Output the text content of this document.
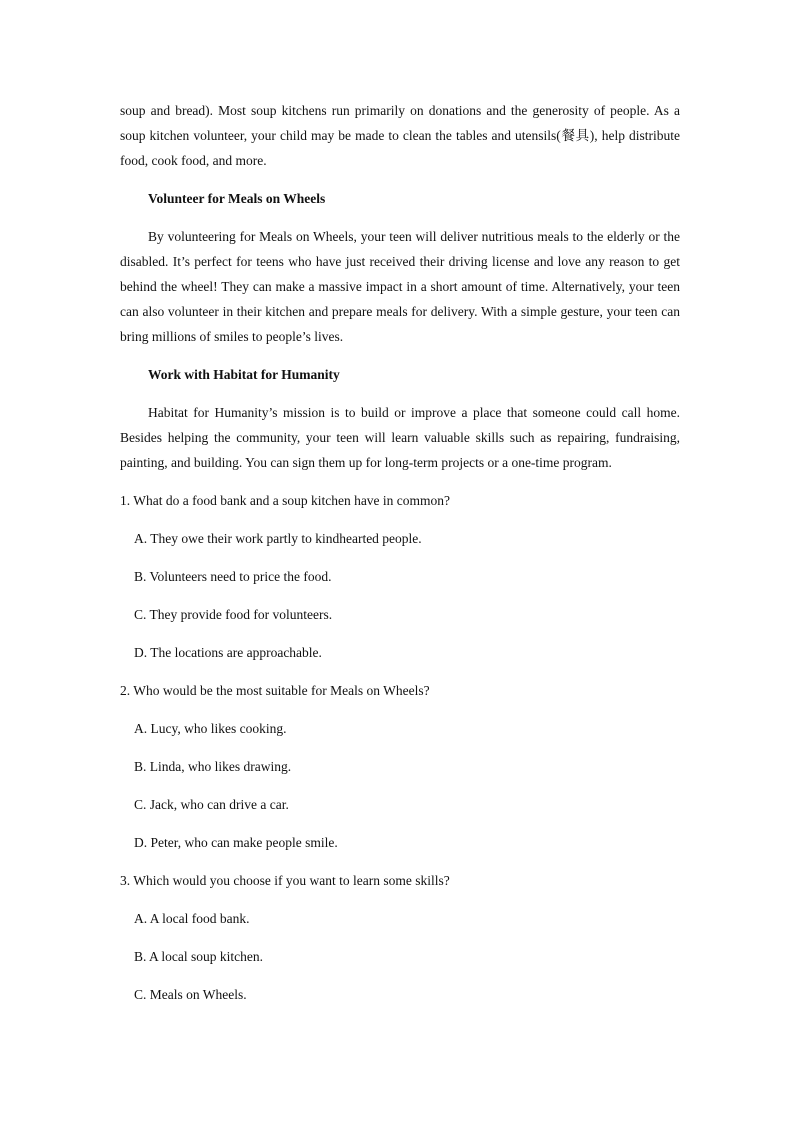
soup and bread). Most soup kitchens run primarily on donations and the generosity of people. As a soup kitchen volunteer, your child may be made to clean the tables and utensils(餐具), help distribute food, cook food, and more.

Volunteer for Meals on Wheels

By volunteering for Meals on Wheels, your teen will deliver nutritious meals to the elderly or the disabled. It’s perfect for teens who have just received their driving license and love any reason to get behind the wheel! They can make a massive impact in a short amount of time. Alternatively, your teen can also volunteer in their kitchen and prepare meals for delivery. With a simple gesture, your teen can bring millions of smiles to people’s lives.

Work with Habitat for Humanity

Habitat for Humanity’s mission is to build or improve a place that someone could call home. Besides helping the community, your teen will learn valuable skills such as repairing, fundraising, painting, and building. You can sign them up for long-term projects or a one-time program.

1. What do a food bank and a soup kitchen have in common?
A. They owe their work partly to kindhearted people.
B. Volunteers need to price the food.
C. They provide food for volunteers.
D. The locations are approachable.
2. Who would be the most suitable for Meals on Wheels?
A. Lucy, who likes cooking.
B. Linda, who likes drawing.
C. Jack, who can drive a car.
D. Peter, who can make people smile.
3. Which would you choose if you want to learn some skills?
A. A local food bank.
B. A local soup kitchen.
C. Meals on Wheels.
